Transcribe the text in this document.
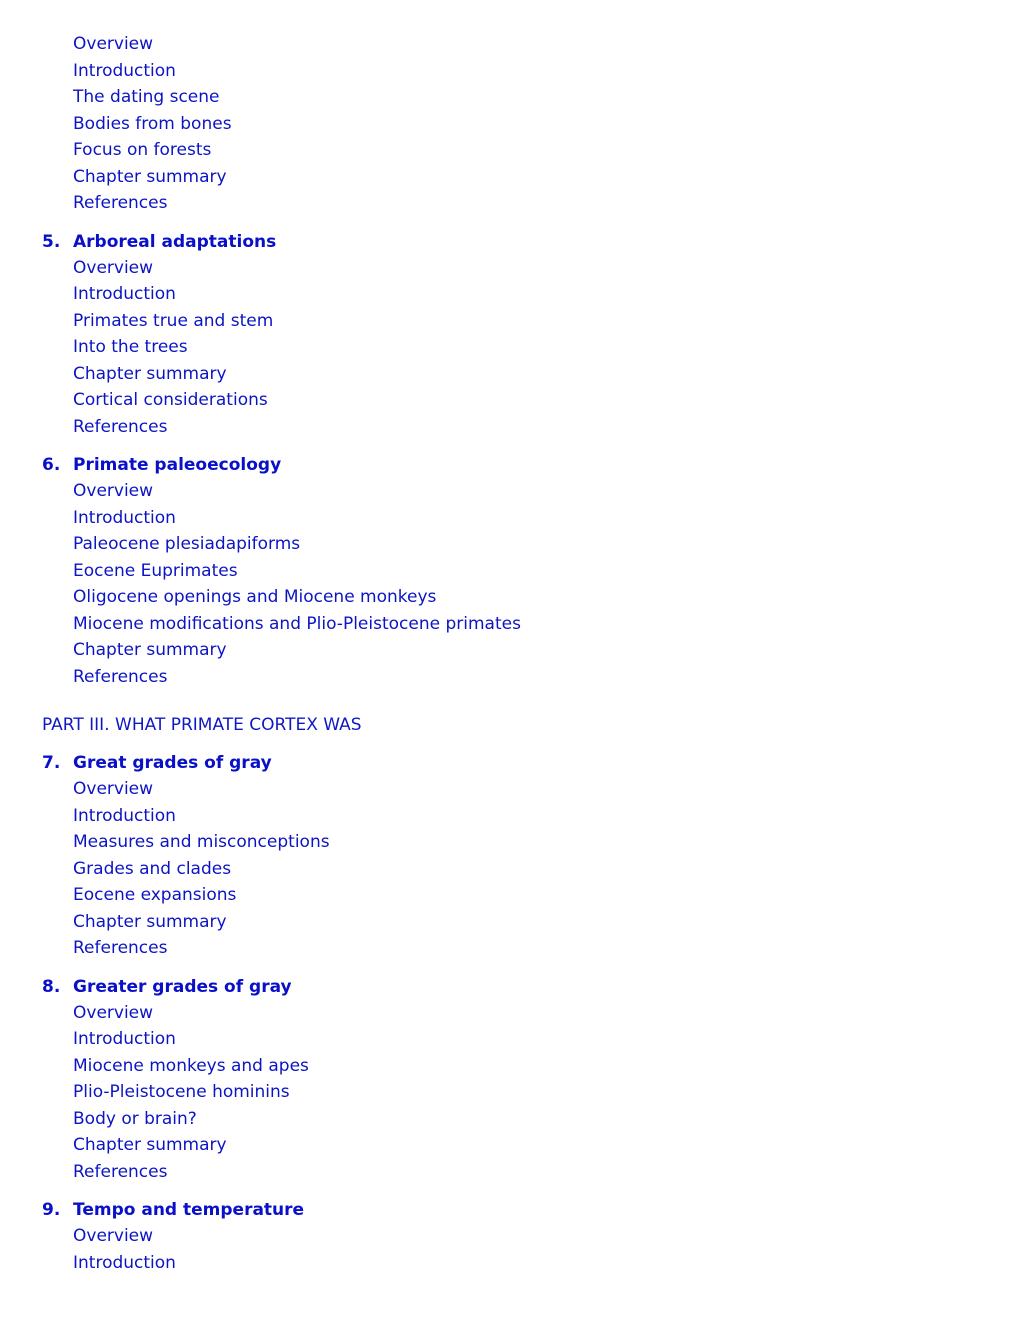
Overview
Introduction
The dating scene
Bodies from bones
Focus on forests
Chapter summary
References
5. Arboreal adaptations
Overview
Introduction
Primates true and stem
Into the trees
Chapter summary
Cortical considerations
References
6. Primate paleoecology
Overview
Introduction
Paleocene plesiadapiforms
Eocene Euprimates
Oligocene openings and Miocene monkeys
Miocene modifications and Plio-Pleistocene primates
Chapter summary
References
PART III. WHAT PRIMATE CORTEX WAS
7. Great grades of gray
Overview
Introduction
Measures and misconceptions
Grades and clades
Eocene expansions
Chapter summary
References
8. Greater grades of gray
Overview
Introduction
Miocene monkeys and apes
Plio-Pleistocene hominins
Body or brain?
Chapter summary
References
9. Tempo and temperature
Overview
Introduction
